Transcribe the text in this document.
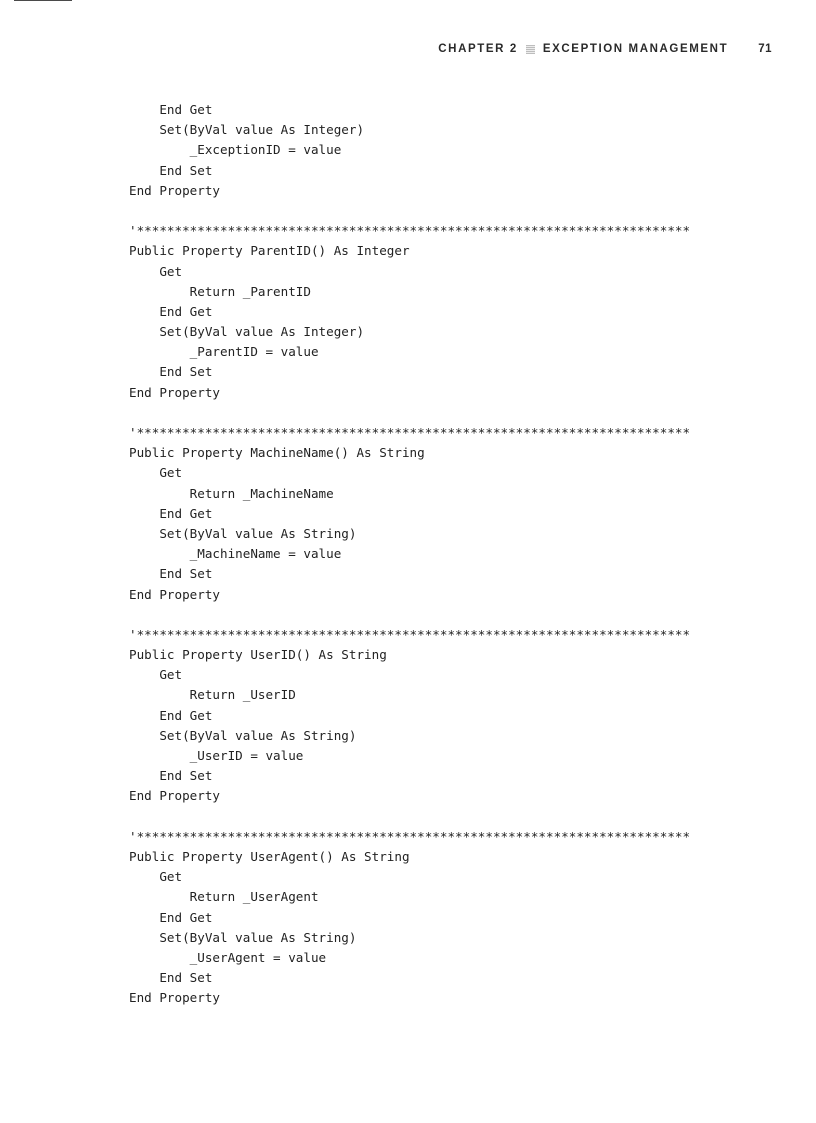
CHAPTER 2 EXCEPTION MANAGEMENT	71
End Get
Set(ByVal value As Integer)
_ExceptionID = value
End Set
End Property
'*************************************************************************
Public Property ParentID() As Integer
Get
Return _ParentID
End Get
Set(ByVal value As Integer)
_ParentID = value
End Set
End Property
'*************************************************************************
Public Property MachineName() As String
Get
Return _MachineName
End Get
Set(ByVal value As String)
_MachineName = value
End Set
End Property
'*************************************************************************
Public Property UserID() As String
Get
Return _UserID
End Get
Set(ByVal value As String)
_UserID = value
End Set
End Property
'*************************************************************************
Public Property UserAgent() As String
Get
Return _UserAgent
End Get
Set(ByVal value As String)
_UserAgent = value
End Set
End Property
